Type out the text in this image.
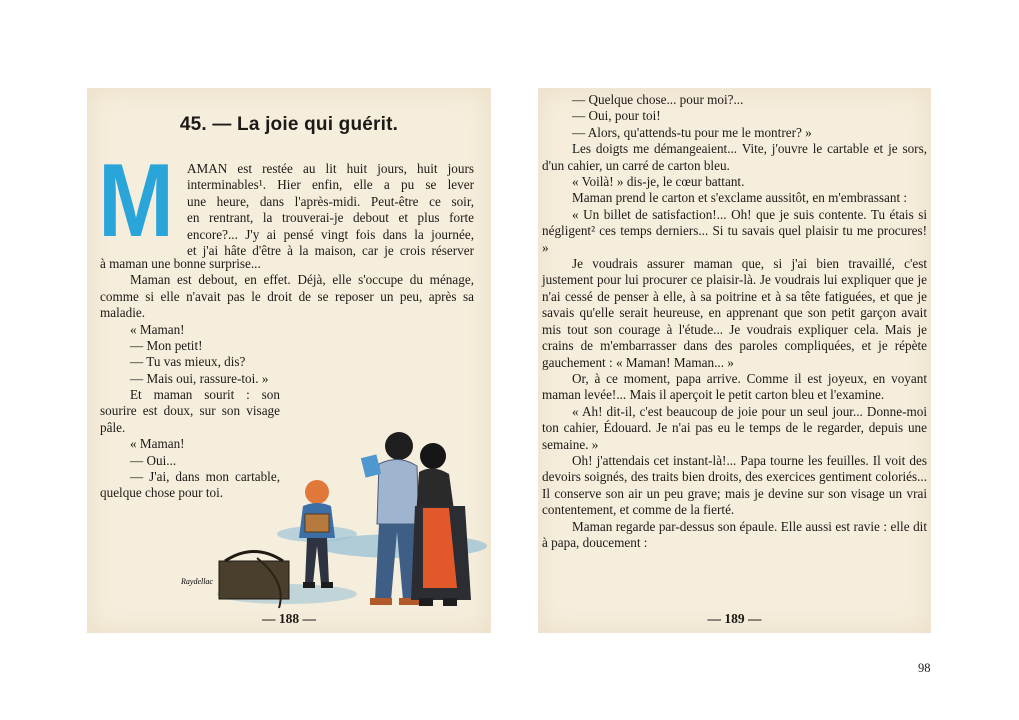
45. — La joie qui guérit.
M AMAN est restée au lit huit jours, huit jours

interminables¹. Hier enfin, elle a pu se lever

une heure, dans l'après-midi. Peut-être ce soir,

en rentrant, la trouverai-je debout et plus forte

encore?... J'y ai pensé vingt fois dans la journée,

et j'ai hâte d'être à la maison, car je crois réserver

à maman une bonne surprise...

Maman est debout, en effet. Déjà, elle s'occupe du ménage, comme si elle n'avait pas le droit de se reposer un peu, après sa maladie.

« Maman!

— Mon petit!

— Tu vas mieux, dis?

— Mais oui, rassure-toi. »

Et maman sourit : son sourire est doux, sur son visage pâle.

« Maman!

— Oui...

— J'ai, dans mon cartable, quelque chose pour toi.

Raydellac
— 188 —

— Quelque chose... pour moi?...

— Oui, pour toi!

— Alors, qu'attends-tu pour me le montrer? »

Les doigts me démangeaient... Vite, j'ouvre le cartable et je sors, d'un cahier, un carré de carton bleu.

« Voilà! » dis-je, le cœur battant.

Maman prend le carton et s'exclame aussitôt, en m'embrassant :

« Un billet de satisfaction!... Oh! que je suis contente. Tu étais si négligent² ces temps derniers... Si tu savais quel plaisir tu me procures! »

Je voudrais assurer maman que, si j'ai bien travaillé, c'est justement pour lui procurer ce plaisir-là. Je voudrais lui expliquer que je n'ai cessé de penser à elle, à sa poitrine et à sa tête fatiguées, et que je savais qu'elle serait heureuse, en apprenant que son petit garçon avait mis tout son courage à l'étude... Je voudrais expliquer cela. Mais je crains de m'embarrasser dans des paroles compliquées, et je répète gauchement : « Maman! Maman... »

Or, à ce moment, papa arrive. Comme il est joyeux, en voyant maman levée!... Mais il aperçoit le petit carton bleu et l'examine.

« Ah! dit-il, c'est beaucoup de joie pour un seul jour... Donne-moi ton cahier, Édouard. Je n'ai pas eu le temps de le regarder, depuis une semaine. »

Oh! j'attendais cet instant-là!... Papa tourne les feuilles. Il voit des devoirs soignés, des traits bien droits, des exercices gentiment coloriés... Il conserve son air un peu grave; mais je devine sur son visage un vrai contentement, et comme de la fierté.

Maman regarde par-dessus son épaule. Elle aussi est ravie : elle dit à papa, doucement :

— 189 —
98
